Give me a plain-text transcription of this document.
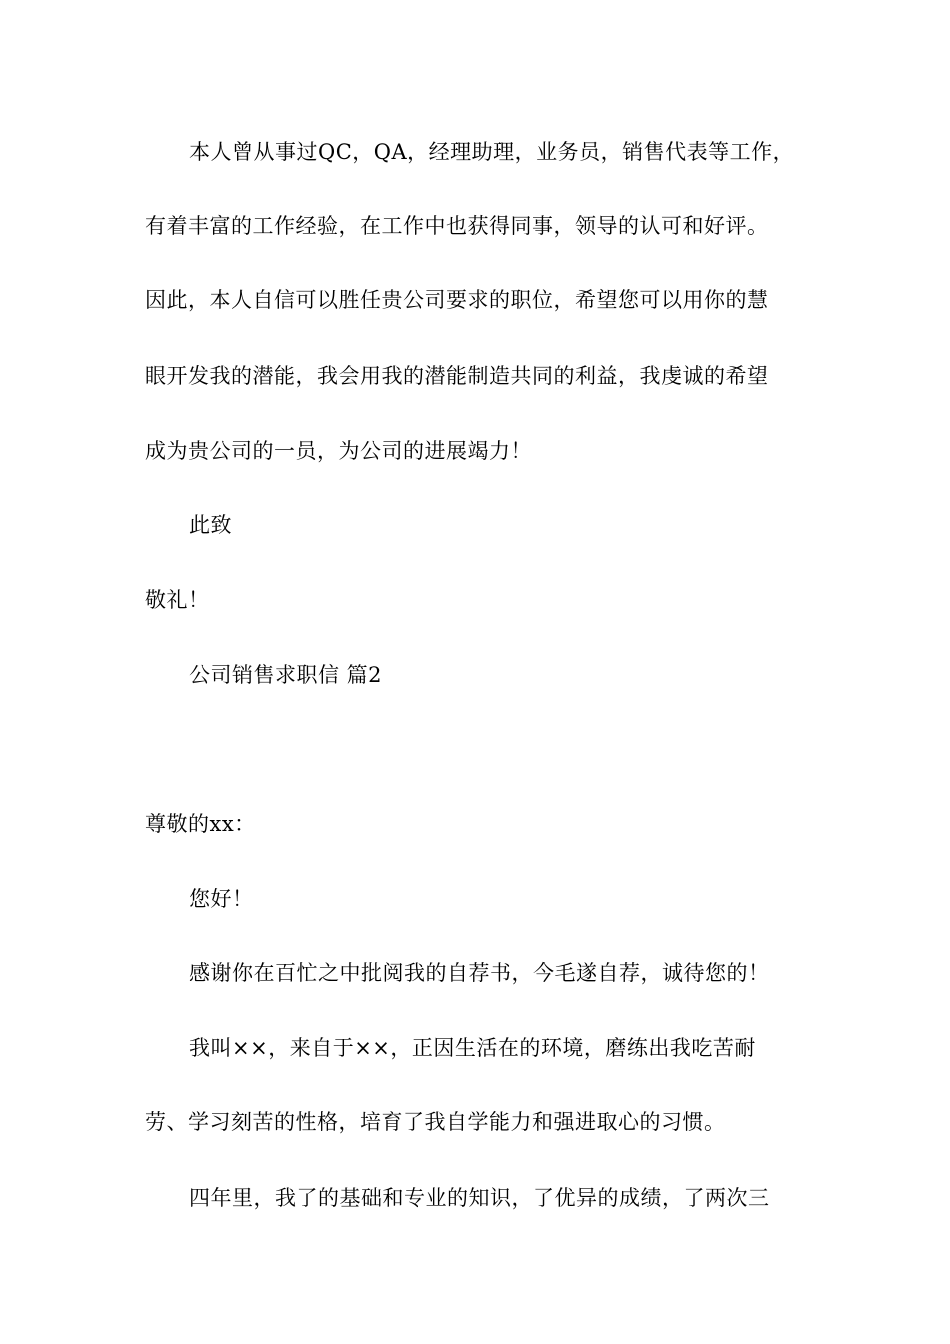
本人曾从事过QC，QA，经理助理，业务员，销售代表等工作，
有着丰富的工作经验，在工作中也获得同事，领导的认可和好评。
因此，本人自信可以胜任贵公司要求的职位，希望您可以用你的慧
眼开发我的潜能，我会用我的潜能制造共同的利益，我虔诚的希望
成为贵公司的一员，为公司的进展竭力！
此致
敬礼！
公司销售求职信 篇2
尊敬的xx：
您好！
感谢你在百忙之中批阅我的自荐书，今毛遂自荐，诚待您的！
我叫××，来自于××，正因生活在的环境，磨练出我吃苦耐
劳、学习刻苦的性格，培育了我自学能力和强进取心的习惯。
四年里，我了的基础和专业的知识，了优异的成绩，了两次三
